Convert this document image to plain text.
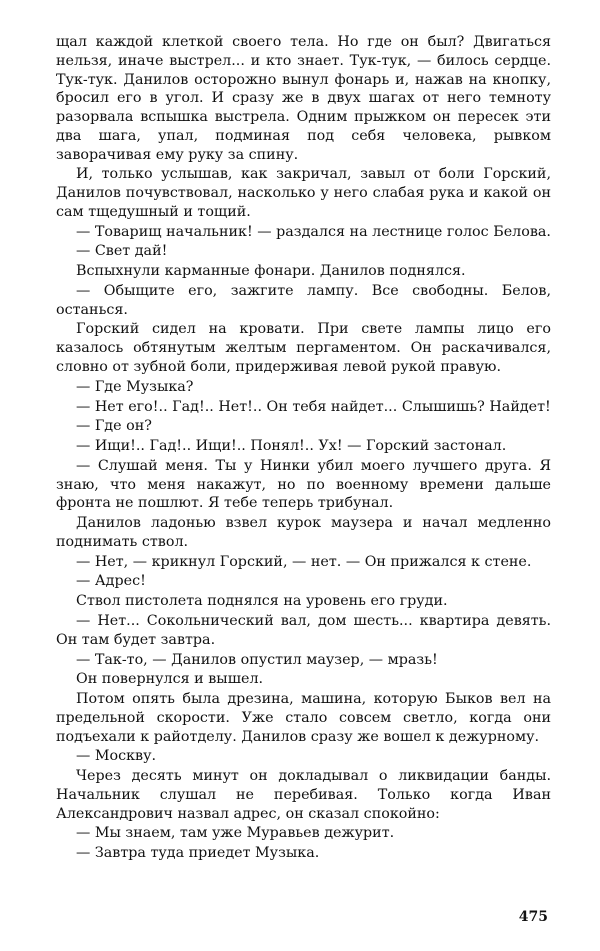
щал каждой клеткой своего тела. Но где он был? Двигаться нельзя, иначе выстрел... и кто знает. Тук-тук, — билось сердце. Тук-тук. Данилов осторожно вынул фонарь и, нажав на кнопку, бросил его в угол. И сразу же в двух шагах от него темноту разорвала вспышка выстрела. Одним прыжком он пересек эти два шага, упал, подминая под себя человека, рывком заворачивая ему руку за спину.

И, только услышав, как закричал, завыл от боли Горский, Данилов почувствовал, насколько у него слабая рука и какой он сам тщедушный и тощий.

— Товарищ начальник! — раздался на лестнице голос Белова.

— Свет дай!

Вспыхнули карманные фонари. Данилов поднялся.

— Обыщите его, зажгите лампу. Все свободны. Белов, останься.

Горский сидел на кровати. При свете лампы лицо его казалось обтянутым желтым пергаментом. Он раскачивался, словно от зубной боли, придерживая левой рукой правую.

— Где Музыка?

— Нет его!.. Гад!.. Нет!.. Он тебя найдет... Слышишь? Найдет!

— Где он?

— Ищи!.. Гад!.. Ищи!.. Понял!.. Ух! — Горский застонал.

— Слушай меня. Ты у Нинки убил моего лучшего друга. Я знаю, что меня накажут, но по военному времени дальше фронта не пошлют. Я тебе теперь трибунал.

Данилов ладонью взвел курок маузера и начал медленно поднимать ствол.

— Нет, — крикнул Горский, — нет. — Он прижался к стене.

— Адрес!

Ствол пистолета поднялся на уровень его груди.

— Нет... Сокольнический вал, дом шесть... квартира девять. Он там будет завтра.

— Так-то, — Данилов опустил маузер, — мразь!

Он повернулся и вышел.

Потом опять была дрезина, машина, которую Быков вел на предельной скорости. Уже стало совсем светло, когда они подъехали к райотделу. Данилов сразу же вошел к дежурному.

— Москву.

Через десять минут он докладывал о ликвидации банды. Начальник слушал не перебивая. Только когда Иван Александрович назвал адрес, он сказал спокойно:

— Мы знаем, там уже Муравьев дежурит.

— Завтра туда приедет Музыка.

475
